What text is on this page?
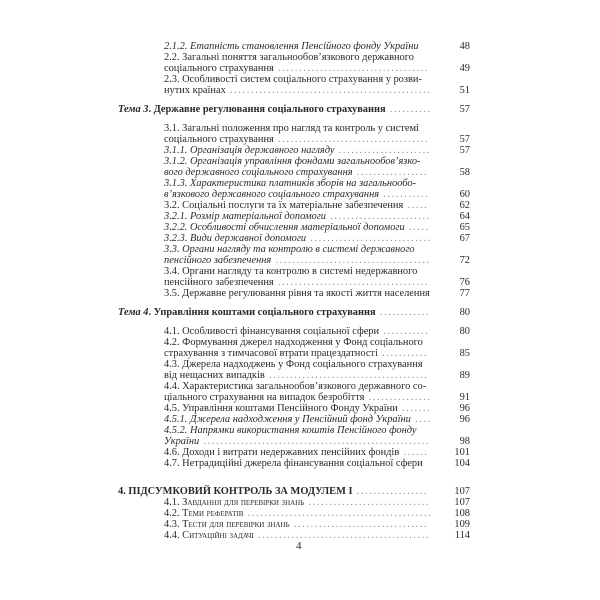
2.1.2. Етапність становлення Пенсійного фонду України	48
2.2. Загальні поняття загальнообов’язкового державного
соціального страхування ....................................	49
2.3. Особливості систем соціального страхування у розви-
нутих країнах ................................................	51
Тема 3. Державне регулювання соціального страхування ..........	57
3.1. Загальні положення про нагляд та контроль у системі
соціального страхування ....................................	57
3.1.1. Організація державного нагляду ......................	57
3.1.2. Організація управління фондами загальнообов’язко-
вого державного соціального страхування .................	58
3.1.3. Характеристика платників зборів на загальнообо-
в’язкового державного соціального страхування ...........	60
3.2. Соціальні послуги та їх матеріальне забезпечення .....	62
3.2.1. Розмір матеріальної допомоги ........................	64
3.2.2. Особливості обчислення матеріальної допомоги .....	65
3.2.3. Види державної допомоги .............................	67
3.3. Органи нагляду та контролю в системі державного
пенсійного забезпечення .....................................	72
3.4. Органи нагляду та контролю в системі недержавного
пенсійного забезпечення ....................................	76
3.5. Державне регулювання рівня та якості життя населення	77
Тема 4. Управління коштами соціального страхування ............	80
4.1. Особливості фінансування соціальної сфери ...........	80
4.2. Формування джерел надходження у Фонд соціального
страхування з тимчасової втрати працездатності ...........	85
4.3. Джерела надходжень у Фонд соціального страхування
від нещасних випадків ......................................	89
4.4. Характеристика загальнообов’язкового державного со-
ціального страхування на випадок безробіття ...............	91
4.5. Управління коштами Пенсійного Фонду України .......	96
4.5.1. Джерела надходження у Пенсійний фонд України ....	96
4.5.2. Напрямки використання коштів Пенсійного фонду
України ......................................................	98
4.6. Доходи і витрати недержавних пенсійних фондів ......	101
4.7. Нетрадиційні джерела фінансування соціальної сфери	104
4. ПІДСУМКОВИЙ КОНТРОЛЬ ЗА МОДУЛЕМ І .................	107
4.1. Завдання для перевірки знань .............................	107
4.2. Теми рефератів ............................................	108
4.3. Тести для перевірки знань ................................	109
4.4. Ситуаційні задачі .........................................	114
4
